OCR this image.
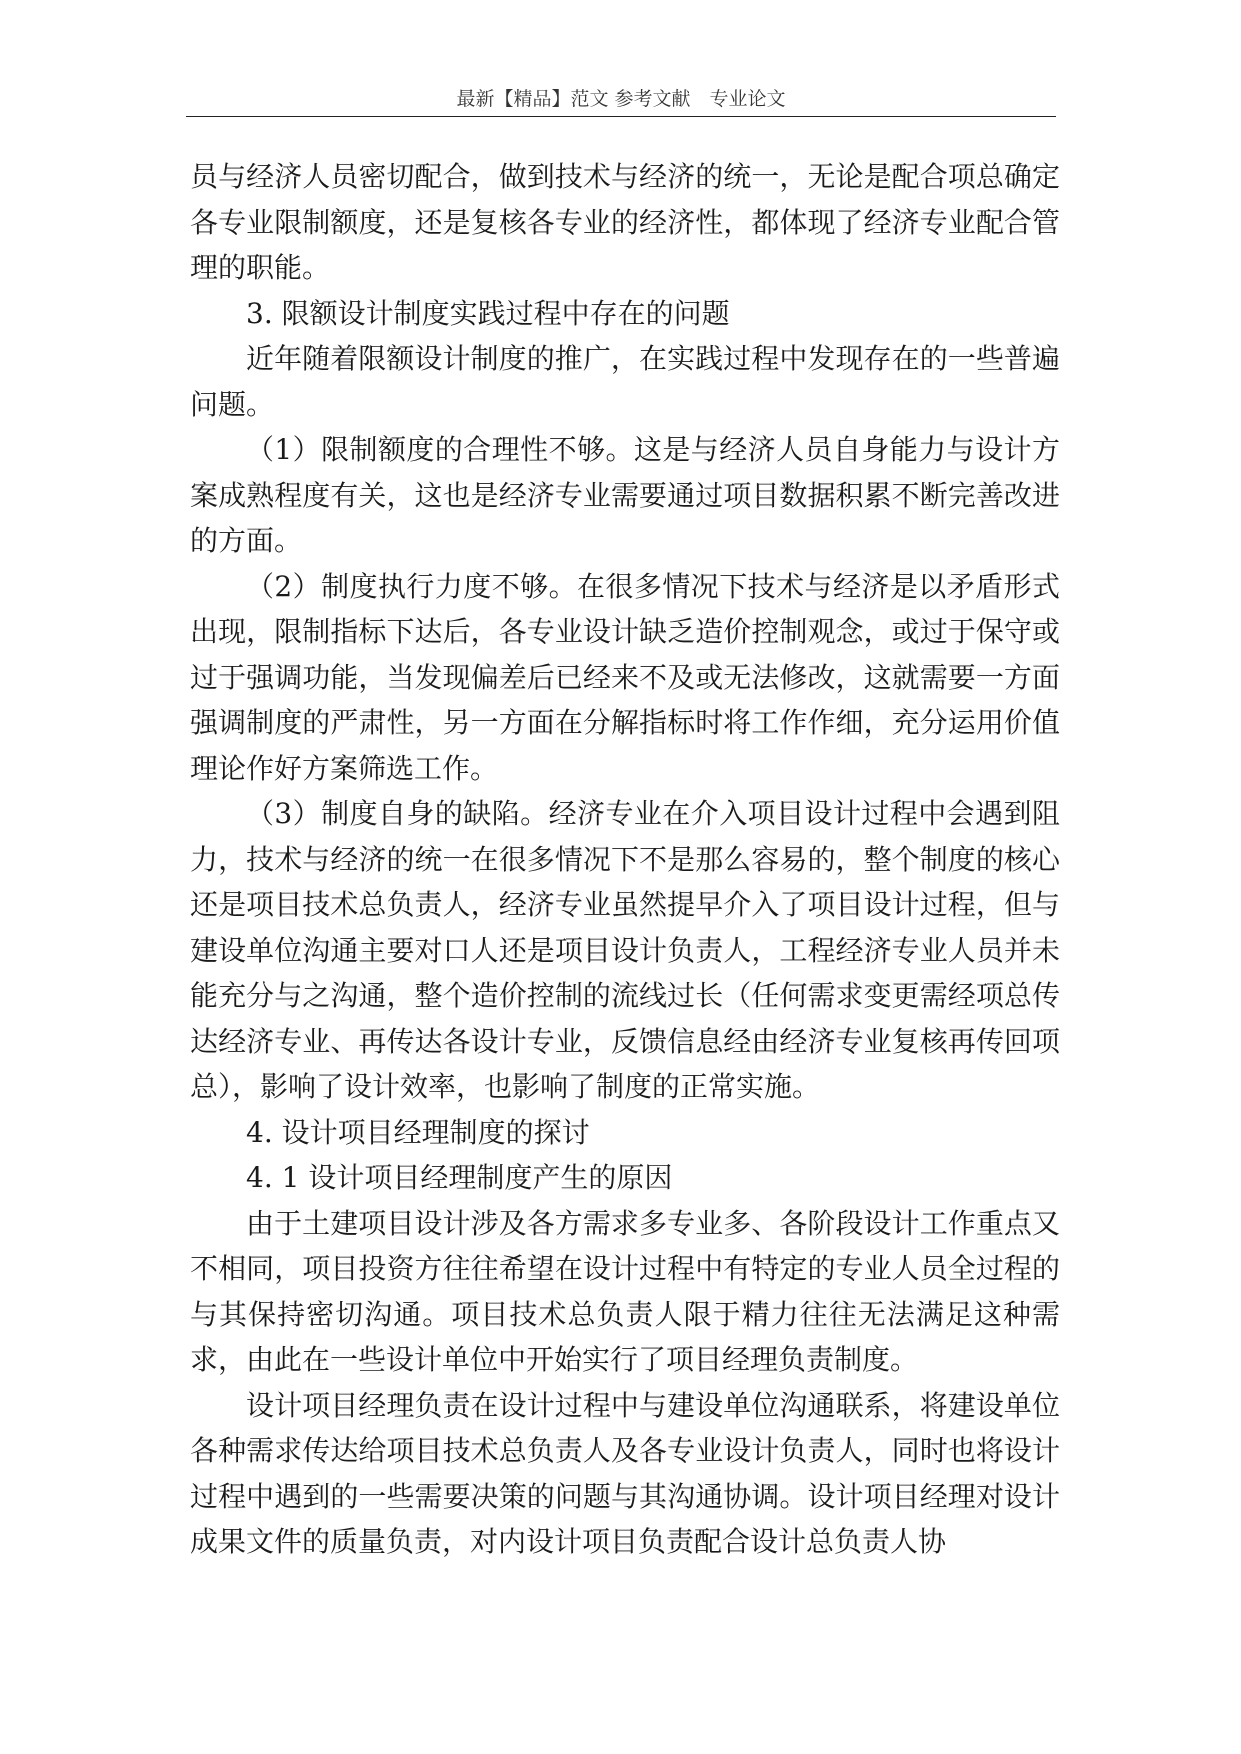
最新【精品】范文 参考文献　专业论文

员与经济人员密切配合，做到技术与经济的统一，无论是配合项总确定各专业限制额度，还是复核各专业的经济性，都体现了经济专业配合管理的职能。

3. 限额设计制度实践过程中存在的问题

近年随着限额设计制度的推广，在实践过程中发现存在的一些普遍问题。

（1）限制额度的合理性不够。这是与经济人员自身能力与设计方案成熟程度有关，这也是经济专业需要通过项目数据积累不断完善改进的方面。

（2）制度执行力度不够。在很多情况下技术与经济是以矛盾形式出现，限制指标下达后，各专业设计缺乏造价控制观念，或过于保守或过于强调功能，当发现偏差后已经来不及或无法修改，这就需要一方面强调制度的严肃性，另一方面在分解指标时将工作作细，充分运用价值理论作好方案筛选工作。

（3）制度自身的缺陷。经济专业在介入项目设计过程中会遇到阻力，技术与经济的统一在很多情况下不是那么容易的，整个制度的核心还是项目技术总负责人，经济专业虽然提早介入了项目设计过程，但与建设单位沟通主要对口人还是项目设计负责人，工程经济专业人员并未能充分与之沟通，整个造价控制的流线过长（任何需求变更需经项总传达经济专业、再传达各设计专业，反馈信息经由经济专业复核再传回项总），影响了设计效率，也影响了制度的正常实施。

4. 设计项目经理制度的探讨

4. 1 设计项目经理制度产生的原因

由于土建项目设计涉及各方需求多专业多、各阶段设计工作重点又不相同，项目投资方往往希望在设计过程中有特定的专业人员全过程的与其保持密切沟通。项目技术总负责人限于精力往往无法满足这种需求，由此在一些设计单位中开始实行了项目经理负责制度。

设计项目经理负责在设计过程中与建设单位沟通联系，将建设单位各种需求传达给项目技术总负责人及各专业设计负责人，同时也将设计过程中遇到的一些需要决策的问题与其沟通协调。设计项目经理对设计成果文件的质量负责，对内设计项目负责配合设计总负责人协
